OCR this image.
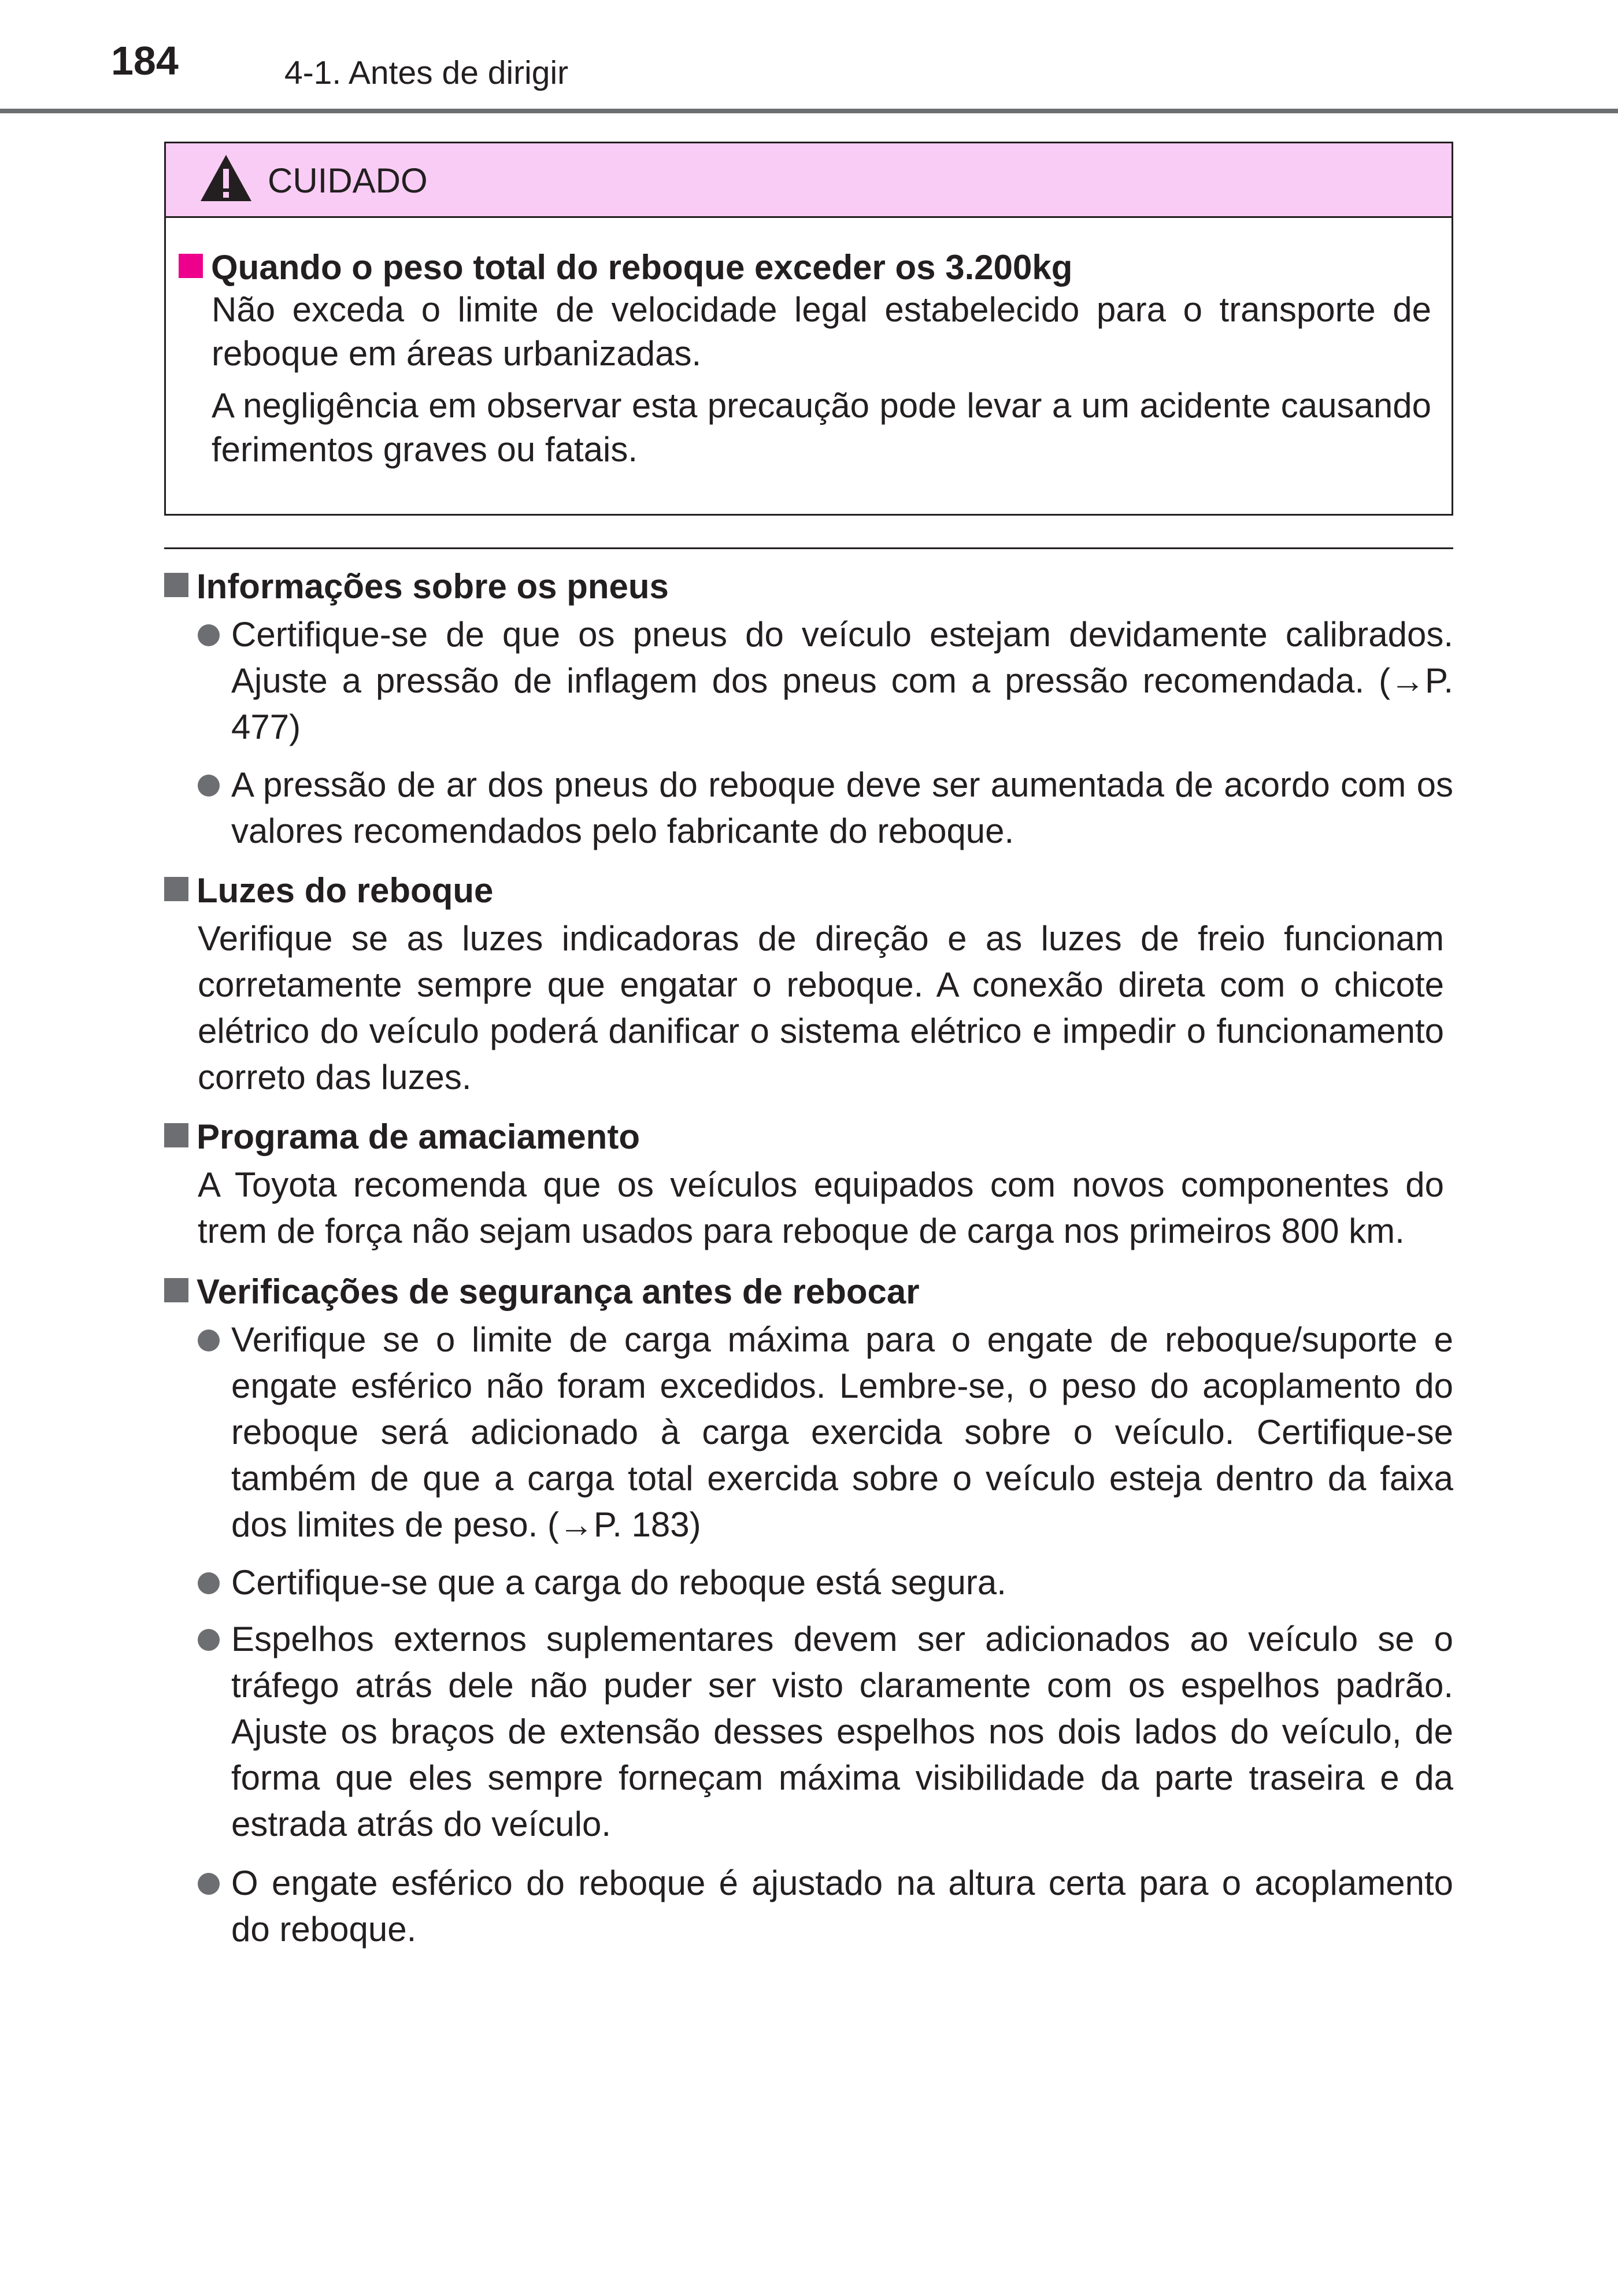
184	4-1. Antes de dirigir
CUIDADO
Quando o peso total do reboque exceder os 3.200kg
Não exceda o limite de velocidade legal estabelecido para o transporte de reboque em áreas urbanizadas.
A negligência em observar esta precaução pode levar a um acidente causando ferimentos graves ou fatais.
Informações sobre os pneus
Certifique-se de que os pneus do veículo estejam devidamente calibrados. Ajuste a pressão de inflagem dos pneus com a pressão recomendada. (→P. 477)
A pressão de ar dos pneus do reboque deve ser aumentada de acordo com os valores recomendados pelo fabricante do reboque.
Luzes do reboque
Verifique se as luzes indicadoras de direção e as luzes de freio funcionam corretamente sempre que engatar o reboque. A conexão direta com o chicote elétrico do veículo poderá danificar o sistema elétrico e impedir o funcionamento correto das luzes.
Programa de amaciamento
A Toyota recomenda que os veículos equipados com novos componentes do trem de força não sejam usados para reboque de carga nos primeiros 800 km.
Verificações de segurança antes de rebocar
Verifique se o limite de carga máxima para o engate de reboque/suporte e engate esférico não foram excedidos. Lembre-se, o peso do acoplamento do reboque será adicionado à carga exercida sobre o veículo. Certifique-se também de que a carga total exercida sobre o veículo esteja dentro da faixa dos limites de peso. (→P. 183)
Certifique-se que a carga do reboque está segura.
Espelhos externos suplementares devem ser adicionados ao veículo se o tráfego atrás dele não puder ser visto claramente com os espelhos padrão. Ajuste os braços de extensão desses espelhos nos dois lados do veículo, de forma que eles sempre forneçam máxima visibilidade da parte traseira e da estrada atrás do veículo.
O engate esférico do reboque é ajustado na altura certa para o acoplamento do reboque.
